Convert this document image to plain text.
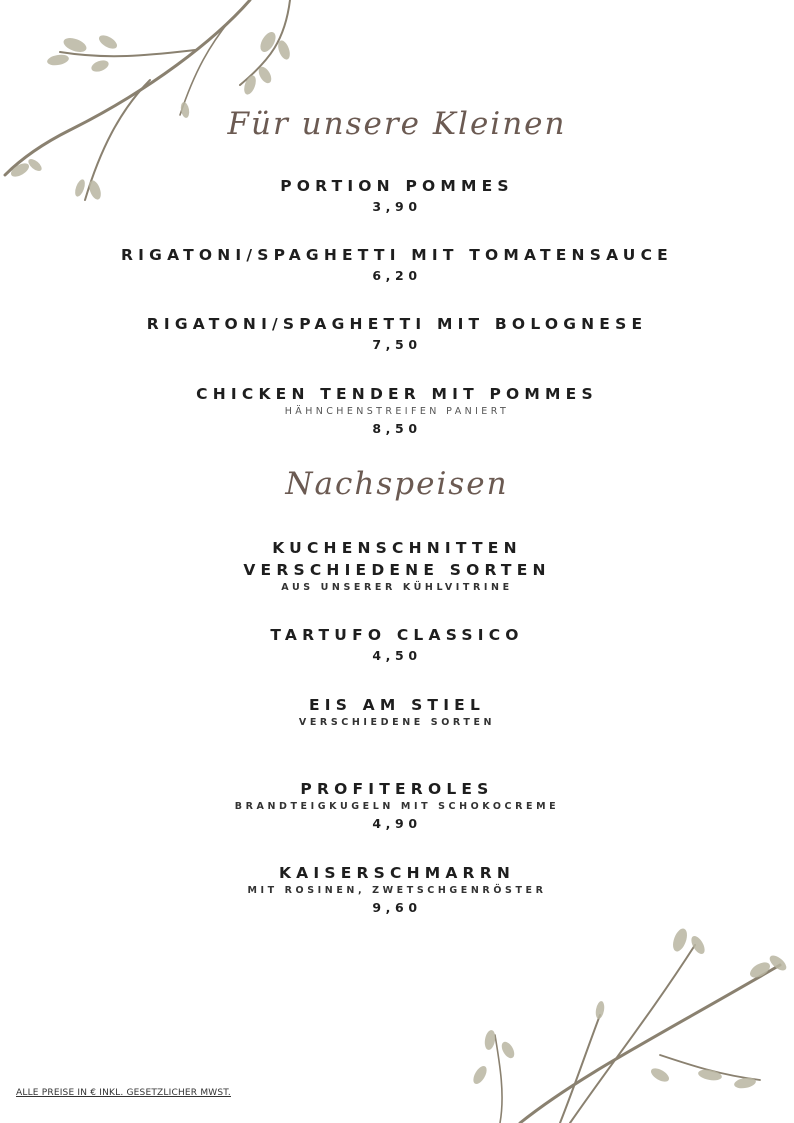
Für unsere Kleinen
PORTION POMMES
3,90
RIGATONI/SPAGHETTI MIT TOMATENSAUCE
6,20
RIGATONI/SPAGHETTI MIT BOLOGNESE
7,50
CHICKEN TENDER MIT POMMES
HÄHNCHENSTREIFEN PANIERT
8,50
Nachspeisen
KUCHENSCHNITTEN
VERSCHIEDENE SORTEN
AUS UNSERER KÜHLVITRINE
TARTUFO CLASSICO
4,50
EIS AM STIEL
VERSCHIEDENE SORTEN
PROFITEROLES
BRANDTEIGKUGELN MIT SCHOKOCREME
4,90
KAISERSCHMARRN
MIT ROSINEN, ZWETSCHGENRÖSTER
9,60
ALLE PREISE IN € INKL. GESETZLICHER MWST.
